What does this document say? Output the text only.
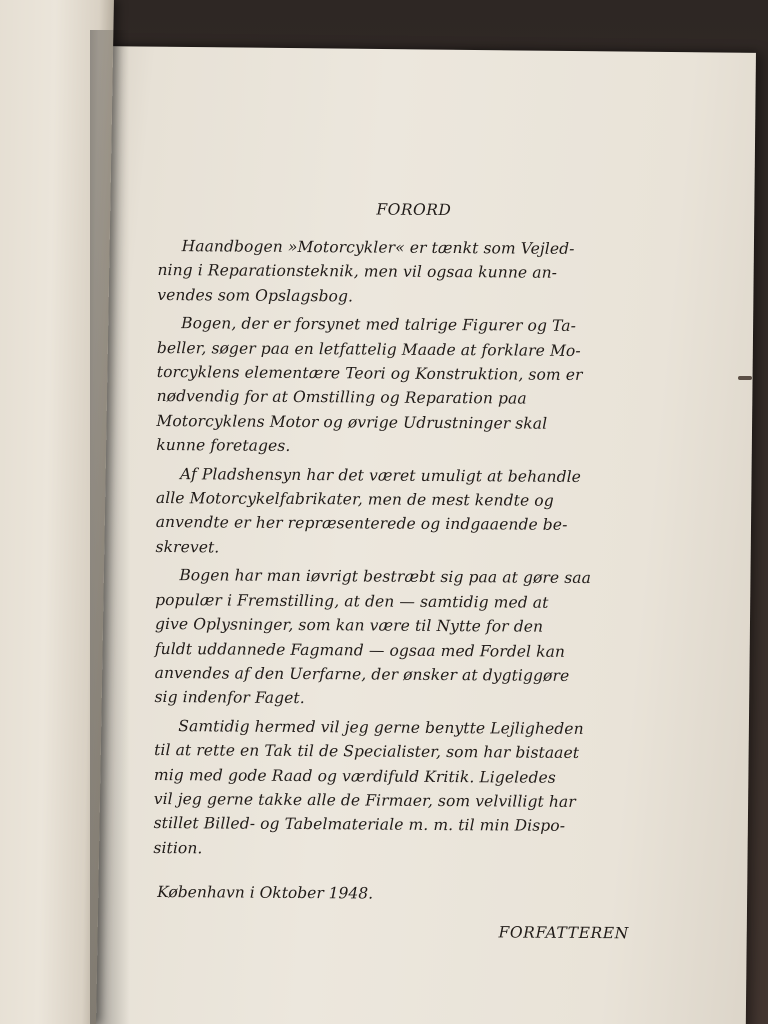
FORORD
Haandbogen »Motorcykler« er tænkt som Vejled-
ning i Reparationsteknik, men vil ogsaa kunne an-
vendes som Opslagsbog.
Bogen, der er forsynet med talrige Figurer og Ta-
beller, søger paa en letfattelig Maade at forklare Mo-
torcyklens elementære Teori og Konstruktion, som er
nødvendig for at Omstilling og Reparation paa
Motorcyklens Motor og øvrige Udrustninger skal
kunne foretages.
Af Pladshensyn har det været umuligt at behandle
alle Motorcykelfabrikater, men de mest kendte og
anvendte er her repræsenterede og indgaaende be-
skrevet.
Bogen har man iøvrigt bestræbt sig paa at gøre saa
populær i Fremstilling, at den — samtidig med at
give Oplysninger, som kan være til Nytte for den
fuldt uddannede Fagmand — ogsaa med Fordel kan
anvendes af den Uerfarne, der ønsker at dygtiggøre
sig indenfor Faget.
Samtidig hermed vil jeg gerne benytte Lejligheden
til at rette en Tak til de Specialister, som har bistaaet
mig med gode Raad og værdifuld Kritik. Ligeledes
vil jeg gerne takke alle de Firmaer, som velvilligt har
stillet Billed- og Tabelmateriale m. m. til min Dispo-
sition.
København i Oktober 1948.
FORFATTEREN
